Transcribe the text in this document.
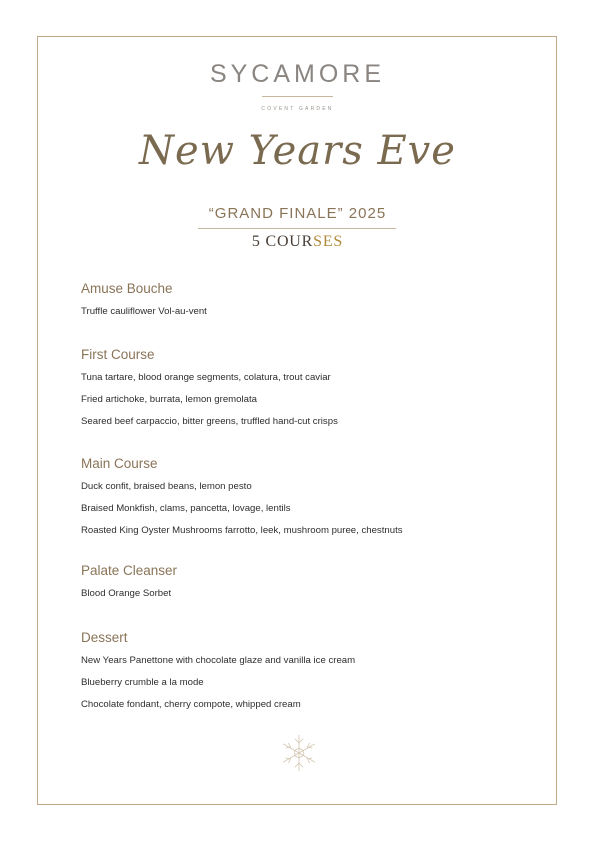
SYCAMORE
COVENT GARDEN
New Years Eve
“GRAND FINALE” 2025
5 COURSES
Amuse Bouche
Truffle cauliflower Vol-au-vent
First Course
Tuna tartare, blood orange segments, colatura, trout caviar
Fried artichoke, burrata, lemon gremolata
Seared beef carpaccio, bitter greens, truffled hand-cut crisps
Main Course
Duck confit, braised beans, lemon pesto
Braised Monkfish, clams, pancetta, lovage, lentils
Roasted King Oyster Mushrooms farrotto, leek, mushroom puree, chestnuts
Palate Cleanser
Blood Orange Sorbet
Dessert
New Years Panettone with chocolate glaze and vanilla ice cream
Blueberry crumble a la mode
Chocolate fondant, cherry compote, whipped cream
